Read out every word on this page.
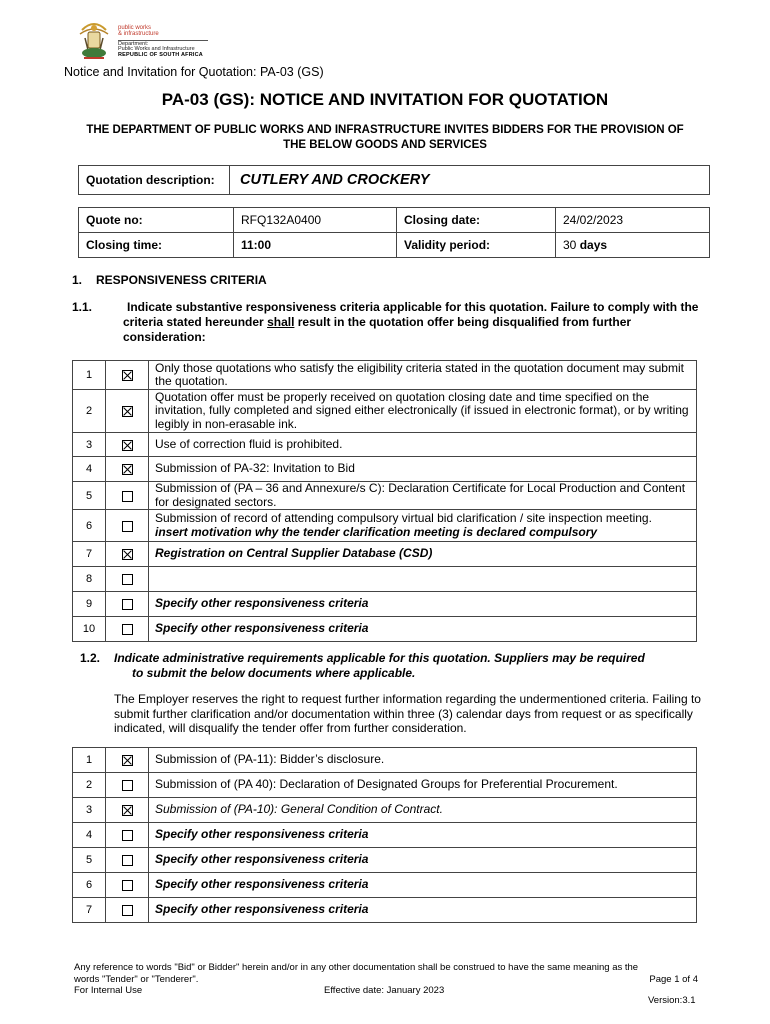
public works
& infrastructure
Department:
Public Works and Infrastructure
REPUBLIC OF SOUTH AFRICA
Notice and Invitation for Quotation: PA-03 (GS)
PA-03 (GS): NOTICE AND INVITATION FOR QUOTATION
THE DEPARTMENT OF PUBLIC WORKS AND INFRASTRUCTURE INVITES BIDDERS FOR THE PROVISION OF THE BELOW GOODS AND SERVICES
Quotation description:	CUTLERY AND CROCKERY
Quote no:	RFQ132A0400	Closing date:	24/02/2023
Closing time:	11:00	Validity period:	30 days
1. RESPONSIVENESS CRITERIA
1.1.	Indicate substantive responsiveness criteria applicable for this quotation. Failure to comply with the criteria stated hereunder shall result in the quotation offer being disqualified from further consideration:
1		Only those quotations who satisfy the eligibility criteria stated in the quotation document may submit the quotation.
2		Quotation offer must be properly received on quotation closing date and time specified on the invitation, fully completed and signed either electronically (if issued in electronic format), or by writing legibly in non-erasable ink.
3		Use of correction fluid is prohibited.
4		Submission of PA-32: Invitation to Bid
5		Submission of (PA – 36 and Annexure/s C): Declaration Certificate for Local Production and Content for designated sectors.
6		Submission of record of attending compulsory virtual bid clarification / site inspection meeting.
insert motivation why the tender clarification meeting is declared compulsory

7		Registration on Central Supplier Database (CSD)
8		
9		Specify other responsiveness criteria
10		Specify other responsiveness criteria
1.2. Indicate administrative requirements applicable for this quotation. Suppliers may be required
to submit the below documents where applicable.
The Employer reserves the right to request further information regarding the undermentioned criteria. Failing to submit further clarification and/or documentation within three (3) calendar days from request or as specifically indicated, will disqualify the tender offer from further consideration.
1		Submission of (PA-11): Bidder’s disclosure.
2		Submission of (PA 40): Declaration of Designated Groups for Preferential Procurement.
3		Submission of (PA-10): General Condition of Contract.
4		Specify other responsiveness criteria
5		Specify other responsiveness criteria
6		Specify other responsiveness criteria
7		Specify other responsiveness criteria
Any reference to words "Bid" or Bidder" herein and/or in any other documentation shall be construed to have the same meaning as the
words "Tender" or "Tenderer".	Page 1 of 4
For Internal Use	Effective date: January 2023
Version:3.1
